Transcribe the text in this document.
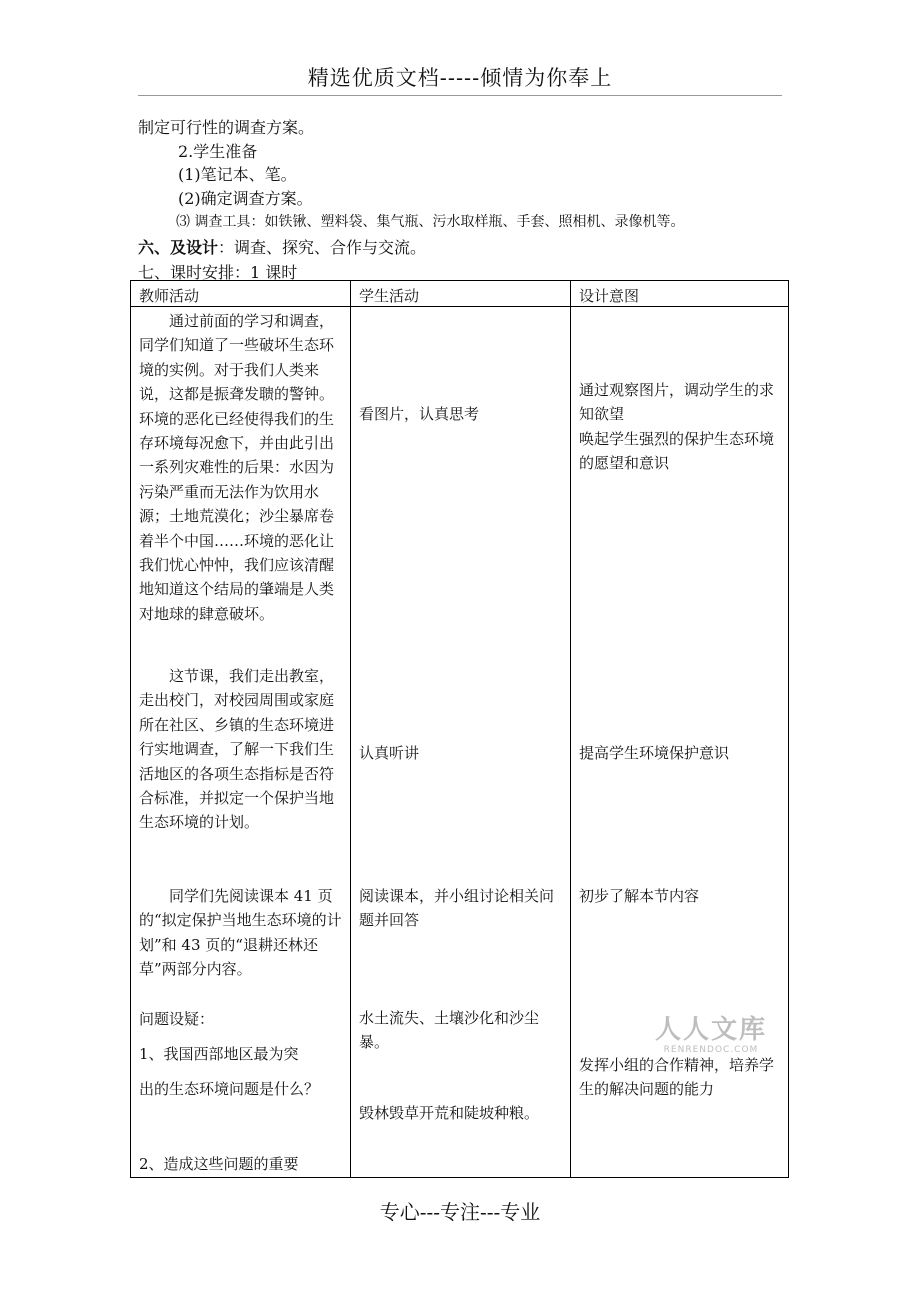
精选优质文档-----倾情为你奉上
制定可行性的调查方案。
2.学生准备
(1)笔记本、笔。
(2)确定调查方案。
⑶ 调查工具：如铁锹、塑料袋、集气瓶、污水取样瓶、手套、照相机、录像机等。
六、及设计：调查、探究、合作与交流。
七、课时安排：1 课时
教师活动	学生活动	设计意图
通过前面的学习和调查，同学们知道了一些破坏生态环境的实例。对于我们人类来说，这都是振聋发聩的警钟。环境的恶化已经使得我们的生存环境每况愈下，并由此引出一系列灾难性的后果：水因为污染严重而无法作为饮用水源；土地荒漠化；沙尘暴席卷着半个中国……环境的恶化让我们忧心忡忡，我们应该清醒地知道这个结局的肇端是人类对地球的肆意破坏。
这节课，我们走出教室，走出校门，对校园周围或家庭所在社区、乡镇的生态环境进行实地调查，了解一下我们生活地区的各项生态指标是否符合标准，并拟定一个保护当地生态环境的计划。
同学们先阅读课本 41 页的“拟定保护当地生态环境的计划”和 43 页的“退耕还林还草”两部分内容。
问题设疑：
1、我国西部地区最为突
出的生态环境问题是什么？
2、造成这些问题的重要
看图片，认真思考
认真听讲
阅读课本，并小组讨论相关问题并回答
水土流失、土壤沙化和沙尘暴。
毁林毁草开荒和陡坡种粮。
通过观察图片，调动学生的求知欲望
唤起学生强烈的保护生态环境的愿望和意识
提高学生环境保护意识
初步了解本节内容
发挥小组的合作精神，培养学生的解决问题的能力
人人文库
RENRENDOC.COM
专心---专注---专业
